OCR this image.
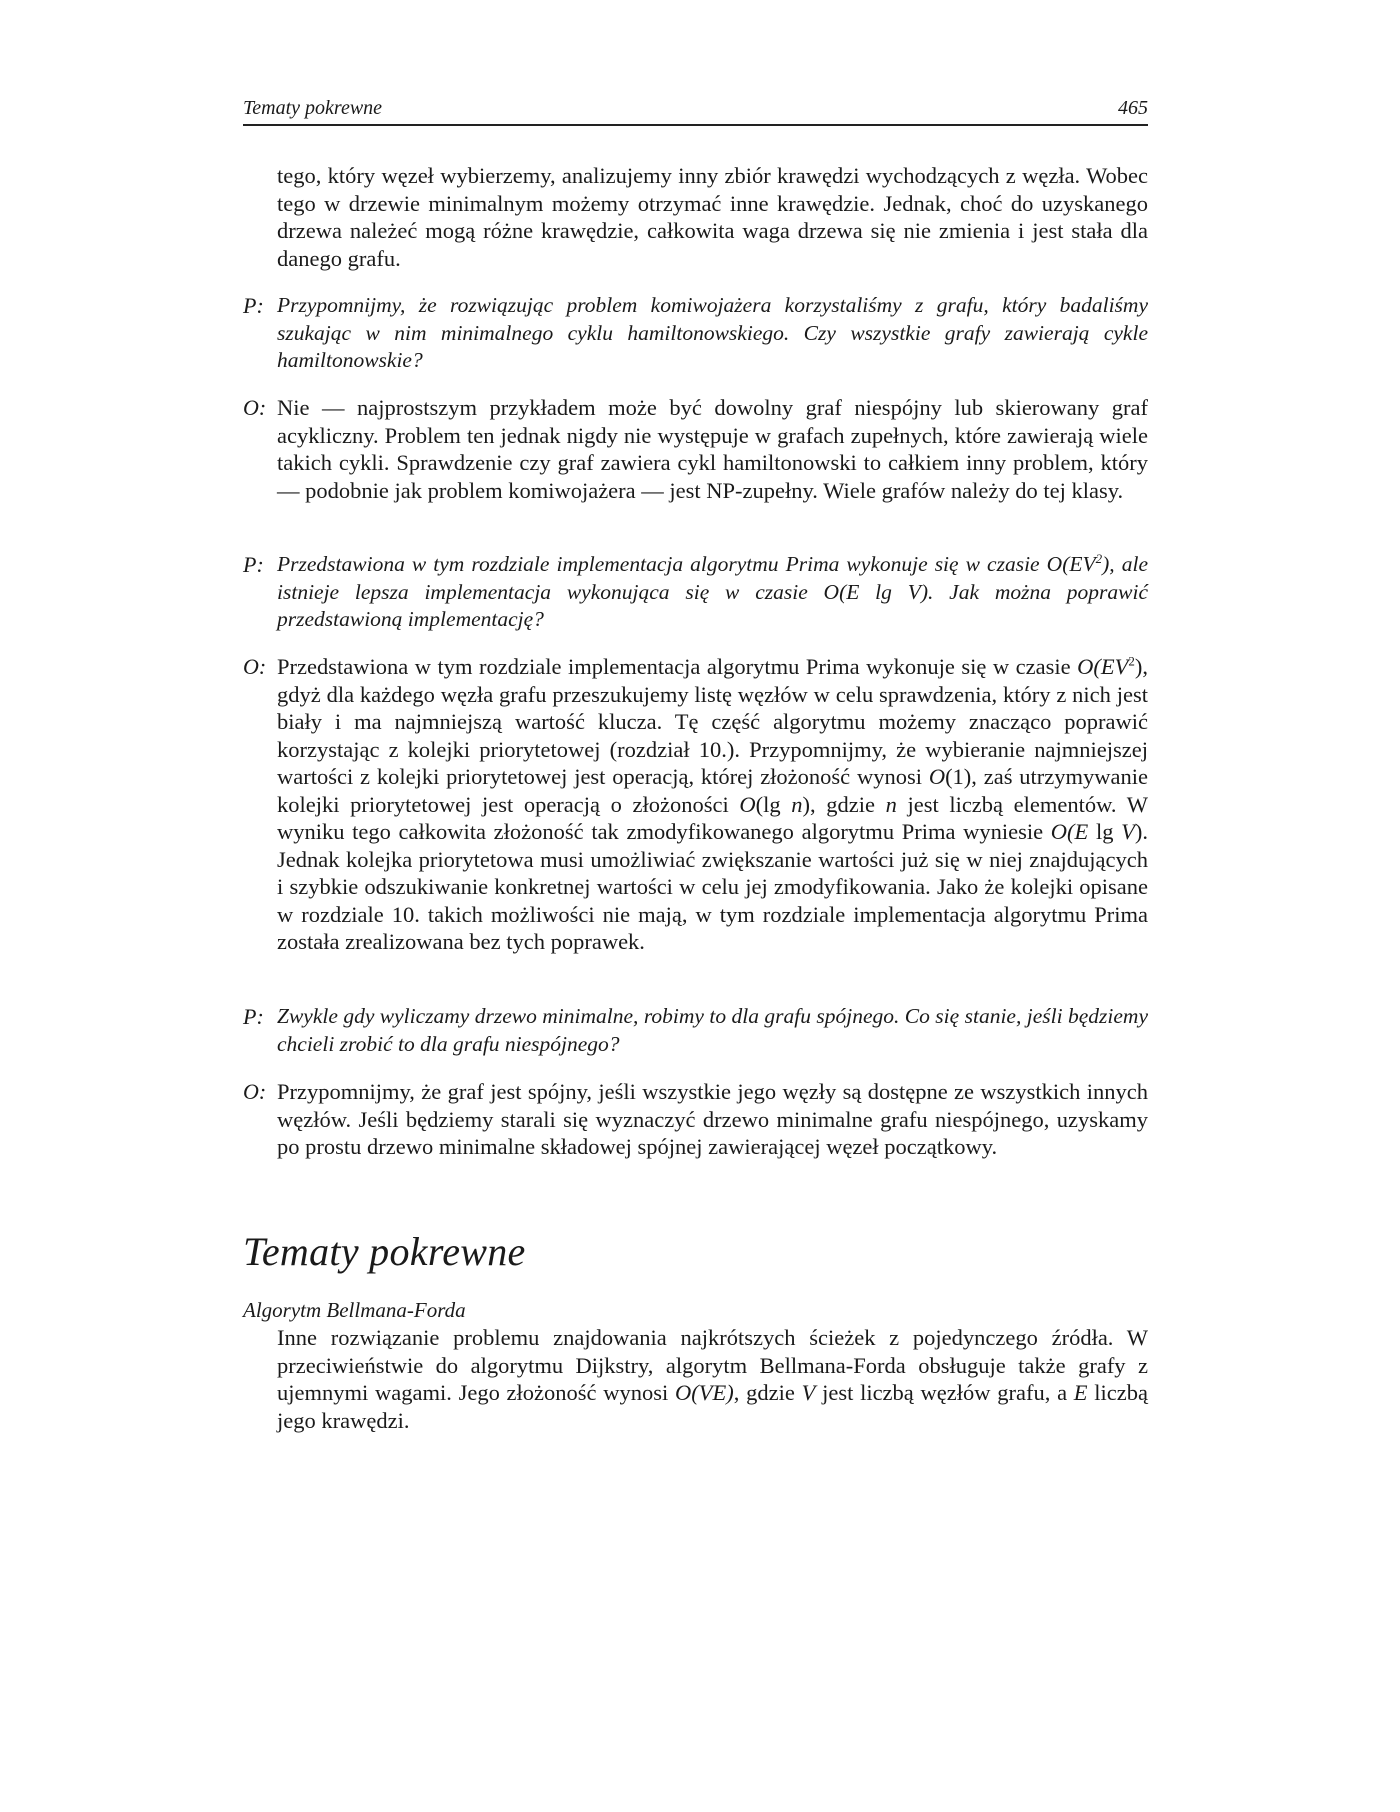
Tematy pokrewne	465

tego, który węzeł wybierzemy, analizujemy inny zbiór krawędzi wychodzących z węzła. Wobec tego w drzewie minimalnym możemy otrzymać inne krawędzie. Jednak, choć do uzyskanego drzewa należeć mogą różne krawędzie, całkowita waga drzewa się nie zmienia i jest stała dla danego grafu.

P: Przypomnijmy, że rozwiązując problem komiwojażera korzystaliśmy z grafu, który badaliśmy szukając w nim minimalnego cyklu hamiltonowskiego. Czy wszystkie grafy zawierają cykle hamiltonowskie?

O: Nie — najprostszym przykładem może być dowolny graf niespójny lub skierowany graf acykliczny. Problem ten jednak nigdy nie występuje w grafach zupełnych, które zawierają wiele takich cykli. Sprawdzenie czy graf zawiera cykl hamiltonowski to całkiem inny problem, który — podobnie jak problem komiwojażera — jest NP-zupełny. Wiele grafów należy do tej klasy.

P: Przedstawiona w tym rozdziale implementacja algorytmu Prima wykonuje się w czasie $O(EV^2)$, ale istnieje lepsza implementacja wykonująca się w czasie O(E lg V). Jak można poprawić przedstawioną implementację?

O: Przedstawiona w tym rozdziale implementacja algorytmu Prima wykonuje się w czasie $O(EV^2)$, gdyż dla każdego węzła grafu przeszukujemy listę węzłów w celu sprawdzenia, który z nich jest biały i ma najmniejszą wartość klucza. Tę część algorytmu możemy znacząco poprawić korzystając z kolejki priorytetowej (rozdział 10.). Przypomnijmy, że wybieranie najmniejszej wartości z kolejki priorytetowej jest operacją, której złożoność wynosi O(1), zaś utrzymywanie kolejki priorytetowej jest operacją o złożoności O(lg n), gdzie n jest liczbą elementów. W wyniku tego całkowita złożoność tak zmodyfikowanego algorytmu Prima wyniesie O(E lg V). Jednak kolejka priorytetowa musi umożliwiać zwiększanie wartości już się w niej znajdujących i szybkie odszukiwanie konkretnej wartości w celu jej zmodyfikowania. Jako że kolejki opisane w rozdziale 10. takich możliwości nie mają, w tym rozdziale implementacja algorytmu Prima została zrealizowana bez tych poprawek.

P: Zwykle gdy wyliczamy drzewo minimalne, robimy to dla grafu spójnego. Co się stanie, jeśli będziemy chcieli zrobić to dla grafu niespójnego?

O: Przypomnijmy, że graf jest spójny, jeśli wszystkie jego węzły są dostępne ze wszystkich innych węzłów. Jeśli będziemy starali się wyznaczyć drzewo minimalne grafu niespójnego, uzyskamy po prostu drzewo minimalne składowej spójnej zawierającej węzeł początkowy.

Tematy pokrewne

Algorytm Bellmana-Forda

Inne rozwiązanie problemu znajdowania najkrótszych ścieżek z pojedynczego źródła. W przeciwieństwie do algorytmu Dijkstry, algorytm Bellmana-Forda obsługuje także grafy z ujemnymi wagami. Jego złożoność wynosi O(VE), gdzie V jest liczbą węzłów grafu, a E liczbą jego krawędzi.
